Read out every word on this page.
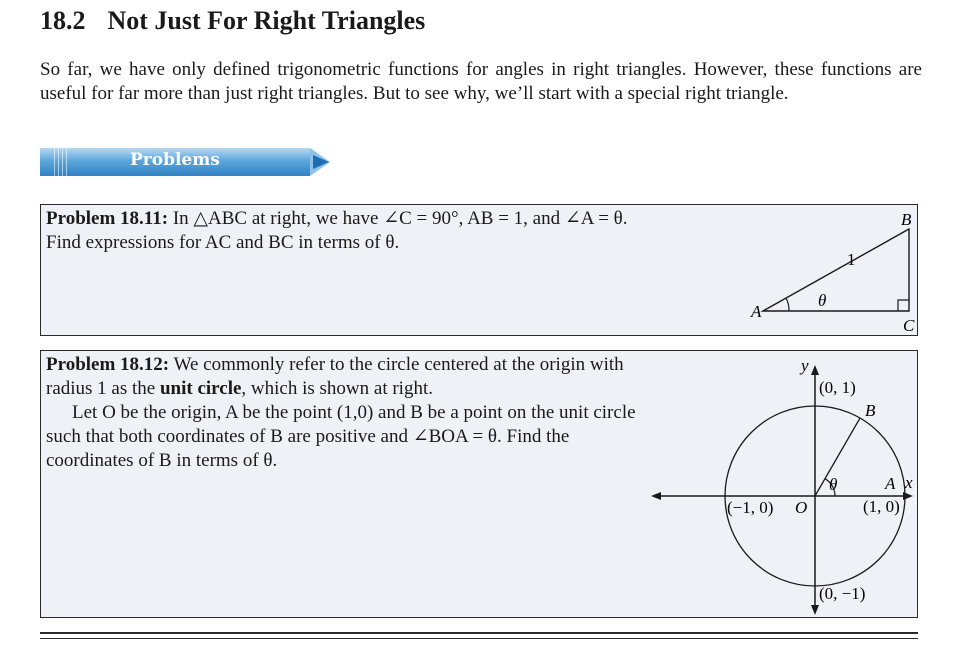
18.2 Not Just For Right Triangles

So far, we have only defined trigonometric functions for angles in right triangles. However, these functions are useful for far more than just right triangles. But to see why, we’ll start with a special right triangle.

Problems

Problem 18.11: In △ABC at right, we have ∠C = 90°, AB = 1, and ∠A = θ. Find expressions for AC and BC in terms of θ.

A
B
C
1
θ

Problem 18.12: We commonly refer to the circle centered at the origin with radius 1 as the unit circle, which is shown at right.
Let O be the origin, A be the point (1,0) and B be a point on the unit circle such that both coordinates of B are positive and ∠BOA = θ. Find the coordinates of B in terms of θ.

y
x
(0, 1)
(0, −1)
(−1, 0)	(1, 0)
O
A
B
θ
